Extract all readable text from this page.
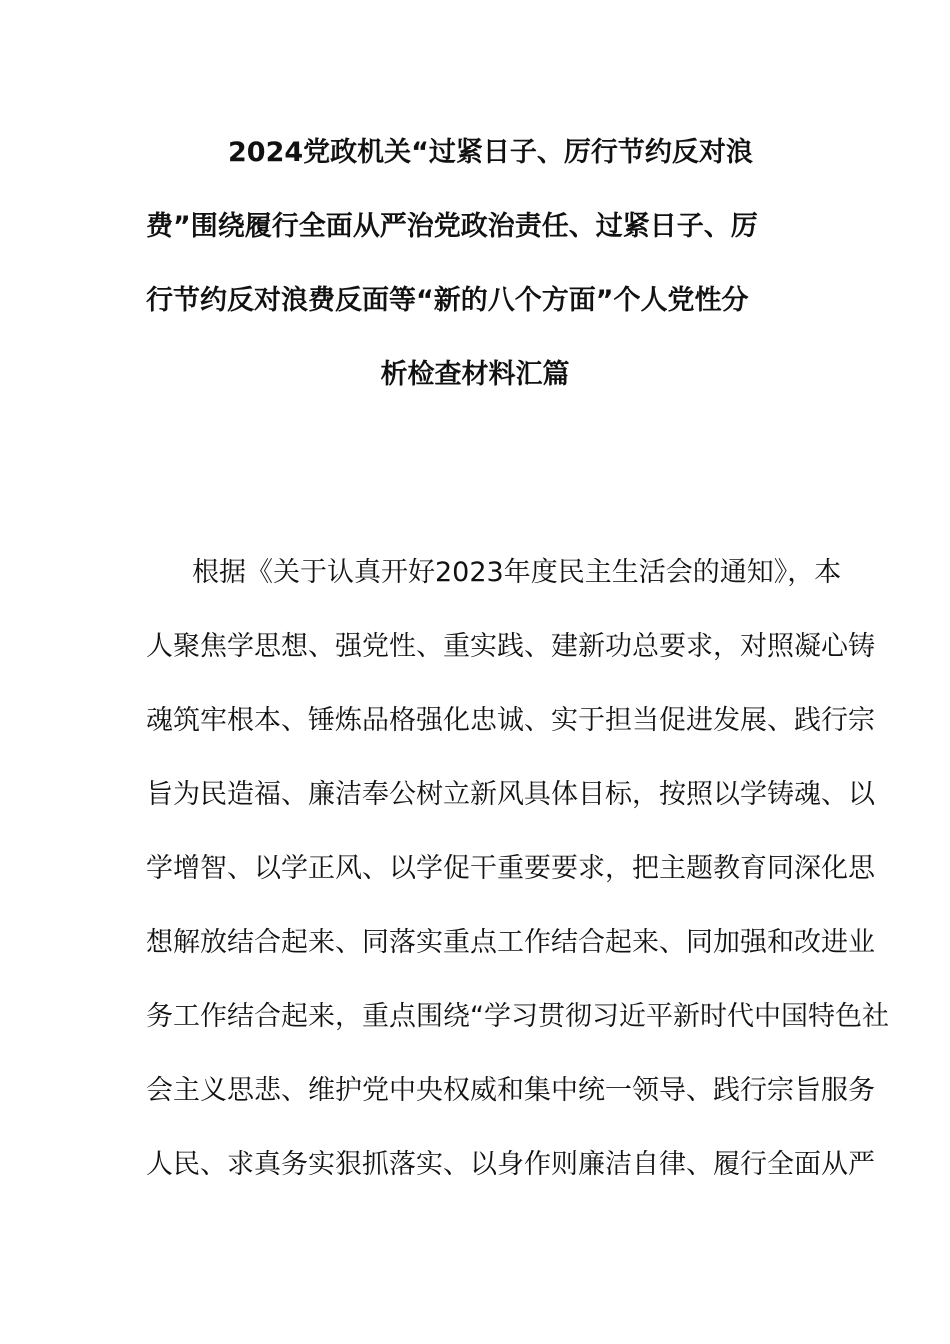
2024党政机关“过紧日子、厉行节约反对浪
费”围绕履行全面从严治党政治责任、过紧日子、厉
行节约反对浪费反面等“新的八个方面”个人党性分
析检查材料汇篇
根据《关于认真开好2023年度民主生活会的通知》，本
人聚焦学思想、强党性、重实践、建新功总要求，对照凝心铸
魂筑牢根本、锤炼品格强化忠诚、实于担当促进发展、践行宗
旨为民造福、廉洁奉公树立新风具体目标，按照以学铸魂、以
学增智、以学正风、以学促干重要要求，把主题教育同深化思
想解放结合起来、同落实重点工作结合起来、同加强和改进业
务工作结合起来，重点围绕“学习贯彻习近平新时代中国特色社
会主义思悲、维护党中央权威和集中统一领导、践行宗旨服务
人民、求真务实狠抓落实、以身作则廉洁自律、履行全面从严
